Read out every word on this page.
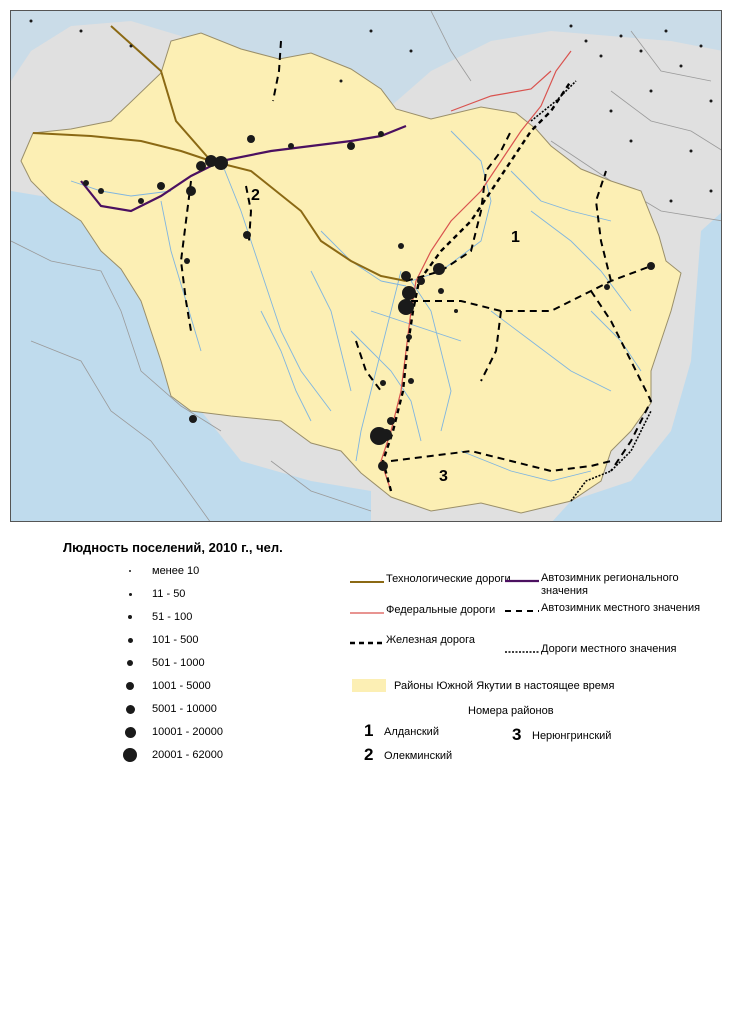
1
2
3
Людность поселений, 2010 г., чел.
менее 10
11 - 50
51 - 100
101 - 500
501 - 1000
1001 - 5000
5001 - 10000
10001 - 20000
20001 - 62000
Технологические дороги
Федеральные дороги
Железная дорога
Автозимник регионального значения
Автозимник местного значения
Дороги местного значения
Районы Южной Якутии в настоящее время
Номера районов
1 Алданский
2 Олекминский
3 Нерюнгринский
